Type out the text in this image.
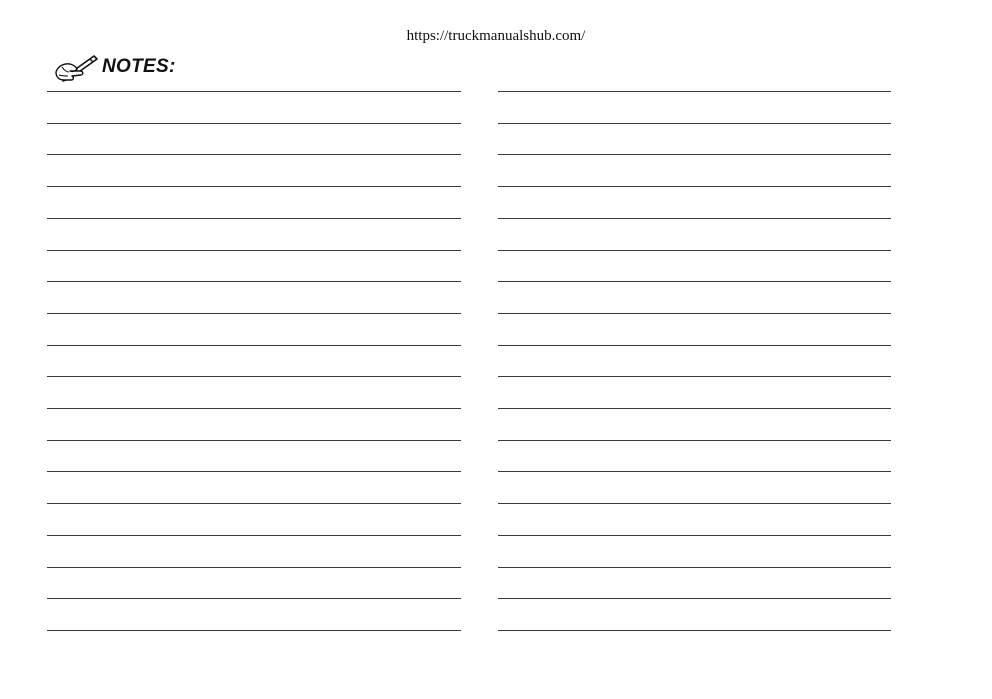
https://truckmanualshub.com/
NOTES:
